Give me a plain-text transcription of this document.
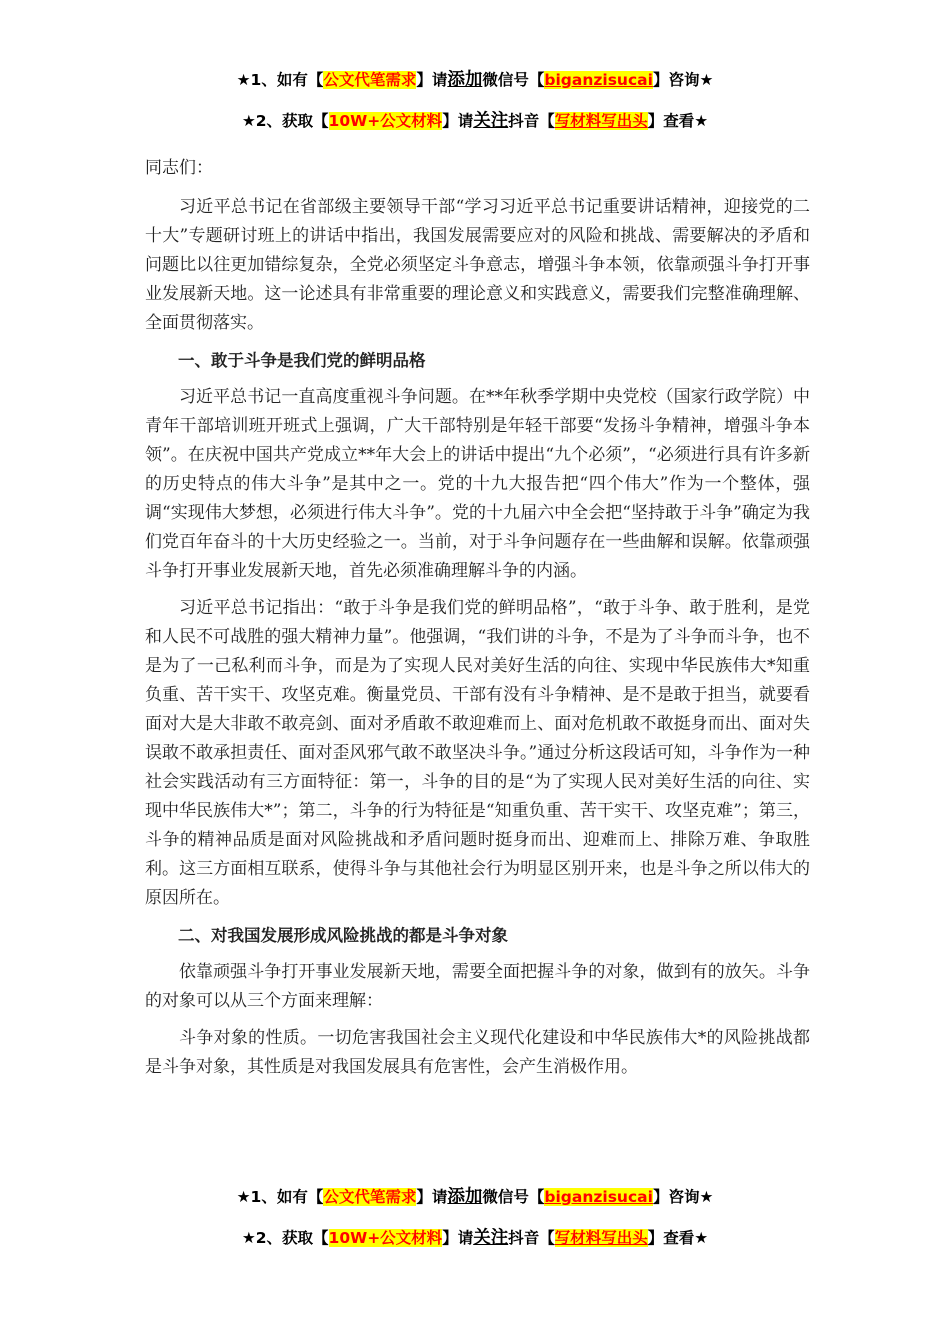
★1、如有【公文代笔需求】请添加微信号【biganzisucai】咨询★
★2、获取【10W+公文材料】请关注抖音【写材料写出头】查看★

同志们：

习近平总书记在省部级主要领导干部“学习习近平总书记重要讲话精神，迎接党的二十大”专题研讨班上的讲话中指出，我国发展需要应对的风险和挑战、需要解决的矛盾和问题比以往更加错综复杂，全党必须坚定斗争意志，增强斗争本领，依靠顽强斗争打开事业发展新天地。这一论述具有非常重要的理论意义和实践意义，需要我们完整准确理解、全面贯彻落实。

一、敢于斗争是我们党的鲜明品格

习近平总书记一直高度重视斗争问题。在**年秋季学期中央党校（国家行政学院）中青年干部培训班开班式上强调，广大干部特别是年轻干部要“发扬斗争精神，增强斗争本领”。在庆祝中国共产党成立**年大会上的讲话中提出“九个必须”，“必须进行具有许多新的历史特点的伟大斗争”是其中之一。党的十九大报告把“四个伟大”作为一个整体，强调“实现伟大梦想，必须进行伟大斗争”。党的十九届六中全会把“坚持敢于斗争”确定为我们党百年奋斗的十大历史经验之一。当前，对于斗争问题存在一些曲解和误解。依靠顽强斗争打开事业发展新天地，首先必须准确理解斗争的内涵。

习近平总书记指出：“敢于斗争是我们党的鲜明品格”，“敢于斗争、敢于胜利，是党和人民不可战胜的强大精神力量”。他强调，“我们讲的斗争，不是为了斗争而斗争，也不是为了一己私利而斗争，而是为了实现人民对美好生活的向往、实现中华民族伟大*知重负重、苦干实干、攻坚克难。衡量党员、干部有没有斗争精神、是不是敢于担当，就要看面对大是大非敢不敢亮剑、面对矛盾敢不敢迎难而上、面对危机敢不敢挺身而出、面对失误敢不敢承担责任、面对歪风邪气敢不敢坚决斗争。”通过分析这段话可知，斗争作为一种社会实践活动有三方面特征：第一，斗争的目的是“为了实现人民对美好生活的向往、实现中华民族伟大*”；第二，斗争的行为特征是“知重负重、苦干实干、攻坚克难”；第三，斗争的精神品质是面对风险挑战和矛盾问题时挺身而出、迎难而上、排除万难、争取胜利。这三方面相互联系，使得斗争与其他社会行为明显区别开来，也是斗争之所以伟大的原因所在。

二、对我国发展形成风险挑战的都是斗争对象

依靠顽强斗争打开事业发展新天地，需要全面把握斗争的对象，做到有的放矢。斗争的对象可以从三个方面来理解：

斗争对象的性质。一切危害我国社会主义现代化建设和中华民族伟大*的风险挑战都是斗争对象，其性质是对我国发展具有危害性，会产生消极作用。

★1、如有【公文代笔需求】请添加微信号【biganzisucai】咨询★
★2、获取【10W+公文材料】请关注抖音【写材料写出头】查看★
